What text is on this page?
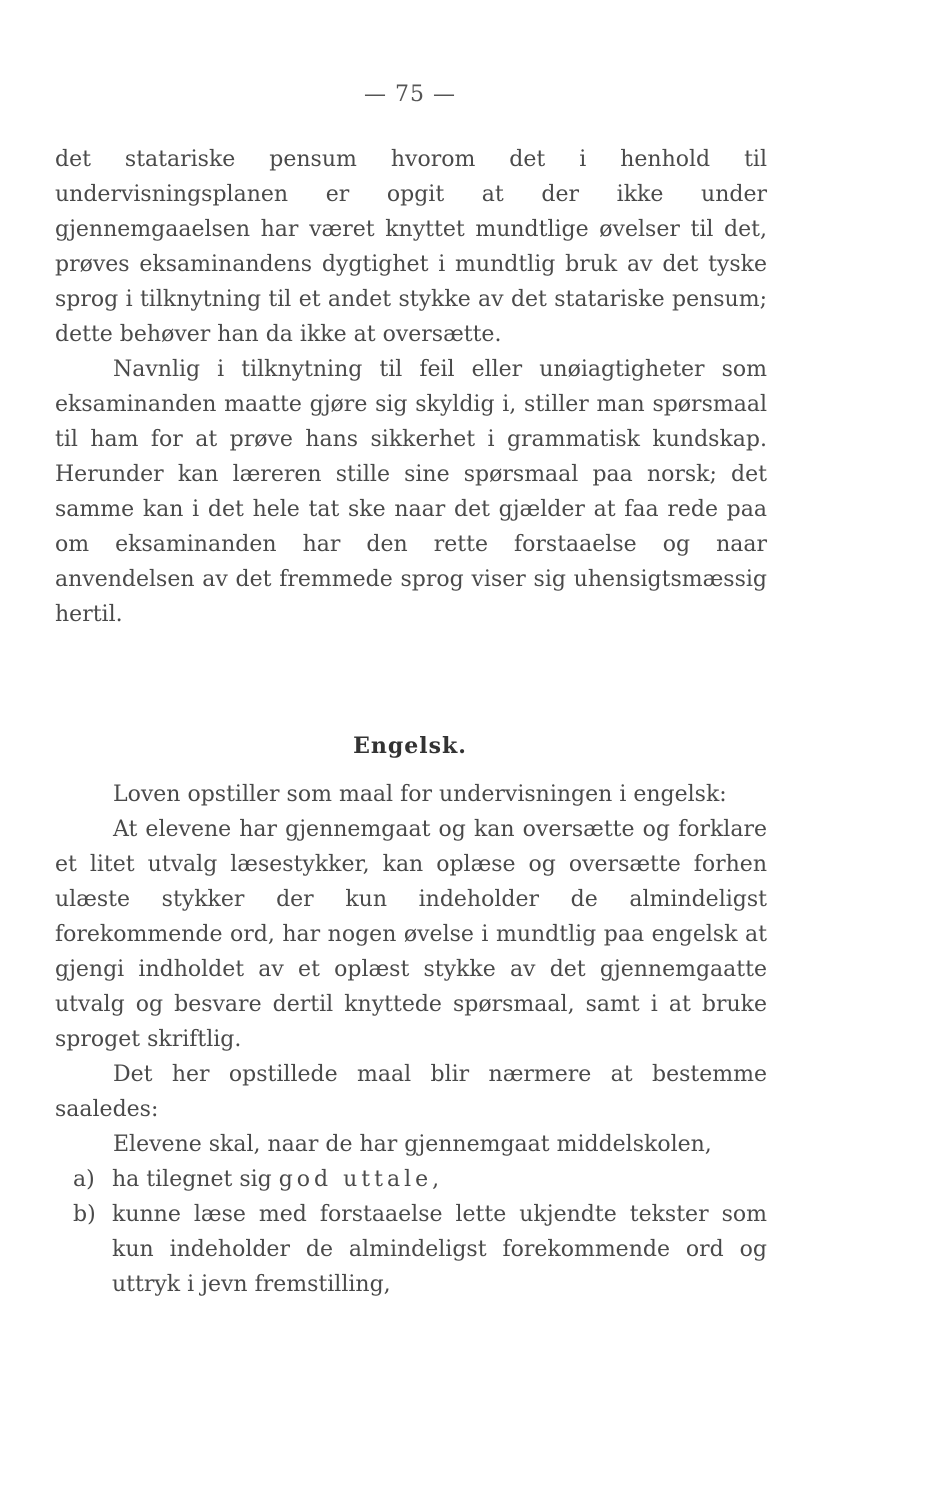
— 75 —

det statariske pensum hvorom det i henhold til undervisningsplanen er opgit at der ikke under gjennemgaaelsen har været knyttet mundtlige øvelser til det, prøves eksaminandens dygtighet i mundtlig bruk av det tyske sprog i tilknytning til et andet stykke av det statariske pensum; dette behøver han da ikke at oversætte.

Navnlig i tilknytning til feil eller unøiagtigheter som eksaminanden maatte gjøre sig skyldig i, stiller man spørsmaal til ham for at prøve hans sikkerhet i grammatisk kundskap. Herunder kan læreren stille sine spørsmaal paa norsk; det samme kan i det hele tat ske naar det gjælder at faa rede paa om eksaminanden har den rette forstaaelse og naar anvendelsen av det fremmede sprog viser sig uhensigtsmæssig hertil.

Engelsk.

Loven opstiller som maal for undervisningen i engelsk:

At elevene har gjennemgaat og kan oversætte og forklare et litet utvalg læsestykker, kan oplæse og oversætte forhen ulæste stykker der kun indeholder de almindeligst forekommende ord, har nogen øvelse i mundtlig paa engelsk at gjengi indholdet av et oplæst stykke av det gjennemgaatte utvalg og besvare dertil knyttede spørsmaal, samt i at bruke sproget skriftlig.

Det her opstillede maal blir nærmere at bestemme saaledes:

Elevene skal, naar de har gjennemgaat middelskolen,

a) ha tilegnet sig god uttale,
b) kunne læse med forstaaelse lette ukjendte tekster som kun indeholder de almindeligst forekommende ord og uttryk i jevn fremstilling,
